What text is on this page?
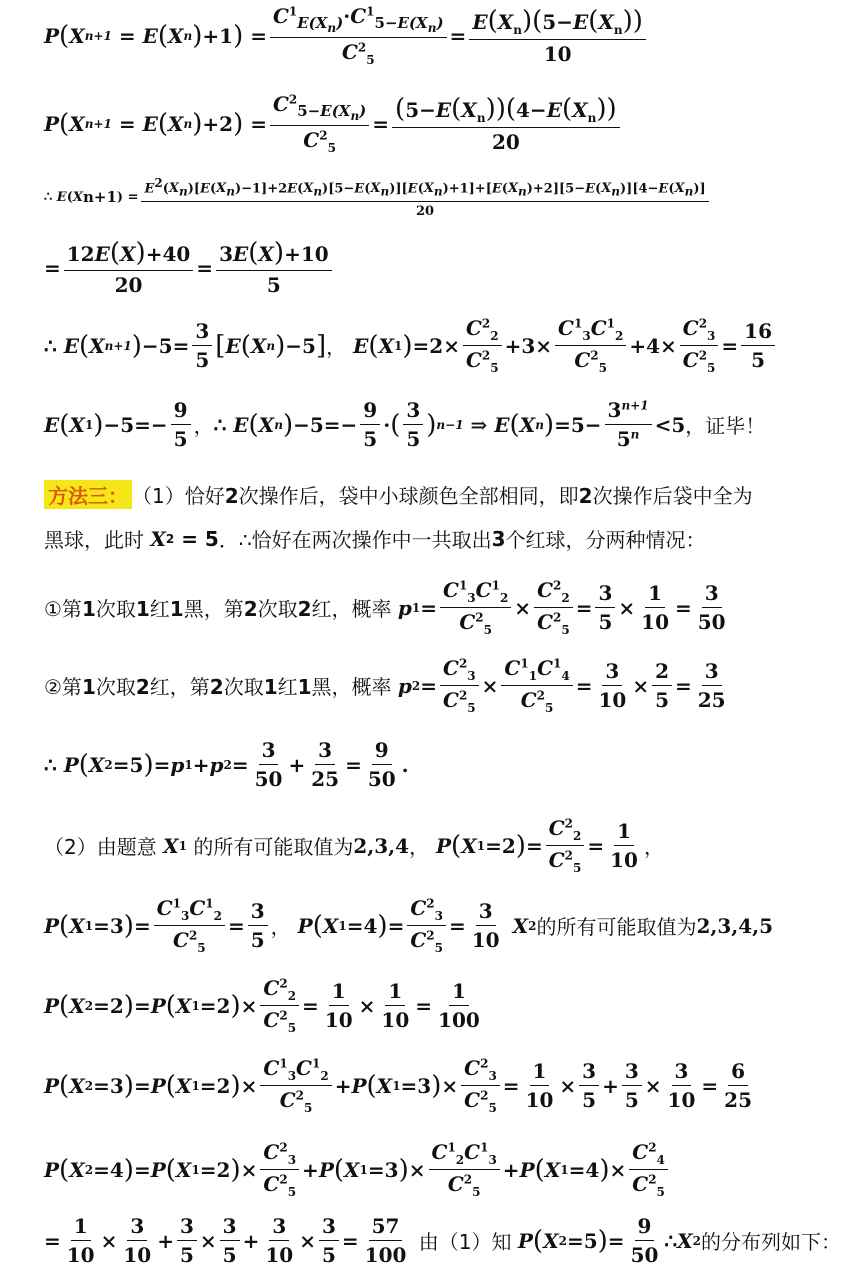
P ( X n+1 = E ( X n ) +1 ) = $\frac{C^1_{E(X_n)}\cdot C^1_{5-E(X_n)}}{C^2_5} = \frac{E(X_n)(5-E(X_n))}{10}$
P ( X n+1 = E ( X n ) +2 ) = $\frac{C^2_{5-E(X_n)}}{C^2_5} = \frac{(5-E(X_n))(4-E(X_n))}{20}$
∴ E ( X n+1 ) =
$E^2(X_n)[E(X_n)-1]+2E(X_n)[5-E(X_n)][E(X_n)+1]+[E(X_n)+2][5-E(X_n)][4-E(X_n)]$
20
= $\frac{12E(X)+40}{20} = \frac{3E(X)+10}{5}$
∴ E ( X n+1 ) $-5= \frac{3}{5}$ [ E ( X n ) −5 ] ，
E ( X 1 ) $=2\times \frac{C^2_2}{C^2_5} +3\times \frac{C^1_3C^1_2}{C^2_5} +4\times \frac{C^2_3}{C^2_5} = \frac{16}{5}$
E ( X 1 ) $-5=- \frac{9}{5}$ ， ∴ E ( X n ) $-5=- \frac{9}{5}$ · ( $\frac{3}{5}$ ) n−1 ⇒ E ( X n ) $=5- \frac{3^{n+1}}{5^n} <5$ ，证毕！
方法三： （1）恰好2次操作后，袋中小球颜色全部相同，即2次操作后袋中全为
黑球，此时 X 2 = 5 ．∴恰好在两次操作中一共取出 3 个红球，分两种情况：
①第1次取1红1黑，第2次取2红，概率 p $1 = \frac{C^1_3C^1_2}{C^2_5} \times \frac{C^2_2}{C^2_5} = \frac{3}{5} \times \frac{1}{10} = \frac{3}{50}$
②第1次取2红，第2次取1红1黑，概率 p $2 = \frac{C^2_3}{C^2_5} \times \frac{C^1_1C^1_4}{C^2_5} = \frac{3}{10} \times \frac{2}{5} = \frac{3}{25}$
∴ P ( X 2 =5 ) = p 1 + p $2 = \frac{3}{50} + \frac{3}{25} = \frac{9}{50}$ .
（2）由题意 X 1 的所有可能取值为 2,3,4 ，
P ( X 1 =2 ) = $\frac{C^2_2}{C^2_5} = \frac{1}{10}$ ，
P ( X 1 =3 ) = $\frac{C^1_3C^1_2}{C^2_5} = \frac{3}{5}$ ，
P ( X 1 =4 ) = $\frac{C^2_3}{C^2_5} = \frac{3}{10}$
X 2 的所有可能取值为 2,3,4,5
P ( X 2 =2 ) = P ( X 1 =2 ) × $\frac{C^2_2}{C^2_5} = \frac{1}{10} \times \frac{1}{10} = \frac{1}{100}$
P ( X 2 =3 ) = P ( X 1 =2 ) × $\frac{C^1_3C^1_2}{C^2_5} + P$ ( X 1 =3 ) × $\frac{C^2_3}{C^2_5} = \frac{1}{10} \times \frac{3}{5} + \frac{3}{5} \times \frac{3}{10} = \frac{6}{25}$
P ( X 2 =4 ) = P ( X 1 =2 ) × $\frac{C^2_3}{C^2_5} + P$ ( X 1 =3 ) × $\frac{C^1_2C^1_3}{C^2_5} + P$ ( X 1 =4 ) × $\frac{C^2_4}{C^2_5}$
= $\frac{1}{10} \times \frac{3}{10} + \frac{3}{5} \times \frac{3}{5} + \frac{3}{10} \times \frac{3}{5} = \frac{57}{100}$ 由（1）知 P ( X 2 =5 ) = $\frac{9}{50}$ ∴ X 2 的分布列如下：
